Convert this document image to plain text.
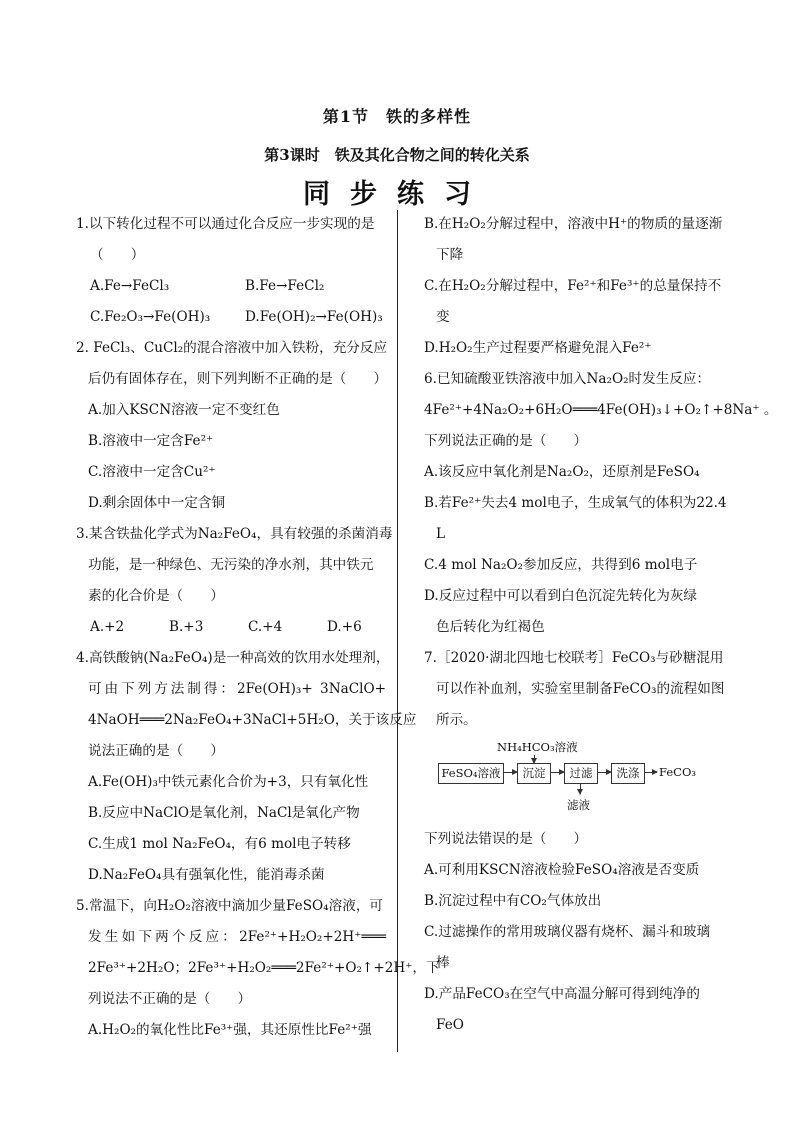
第1节　铁的多样性
第3课时　铁及其化合物之间的转化关系
同步练习
1.以下转化过程不可以通过化合反应一步实现的是
（　　）
A.Fe→FeCl₃	B.Fe→FeCl₂
C.Fe₂O₃→Fe(OH)₃	D.Fe(OH)₂→Fe(OH)₃
2. FeCl₃、CuCl₂的混合溶液中加入铁粉，充分反应
后仍有固体存在，则下列判断不正确的是（　　）
A.加入KSCN溶液一定不变红色
B.溶液中一定含Fe²⁺
C.溶液中一定含Cu²⁺
D.剩余固体中一定含铜
3.某含铁盐化学式为Na₂FeO₄，具有较强的杀菌消毒
功能，是一种绿色、无污染的净水剂，其中铁元
素的化合价是（　　）
A.+2	B.+3	C.+4	D.+6
4.高铁酸钠(Na₂FeO₄)是一种高效的饮用水处理剂，
可由下列方法制得：2Fe(OH)₃+ 3NaClO+
4NaOH═══2Na₂FeO₄+3NaCl+5H₂O，关于该反应
说法正确的是（　　）
A.Fe(OH)₃中铁元素化合价为+3，只有氧化性
B.反应中NaClO是氧化剂，NaCl是氧化产物
C.生成1 mol Na₂FeO₄，有6 mol电子转移
D.Na₂FeO₄具有强氧化性，能消毒杀菌
5.常温下，向H₂O₂溶液中滴加少量FeSO₄溶液，可
发生如下两个反应：2Fe²⁺+H₂O₂+2H⁺═══
2Fe³⁺+2H₂O；2Fe³⁺+H₂O₂═══2Fe²⁺+O₂↑+2H⁺，下
列说法不正确的是（　　）
A.H₂O₂的氧化性比Fe³⁺强，其还原性比Fe²⁺强
B.在H₂O₂分解过程中，溶液中H⁺的物质的量逐渐
下降
C.在H₂O₂分解过程中，Fe²⁺和Fe³⁺的总量保持不
变
D.H₂O₂生产过程要严格避免混入Fe²⁺
6.已知硫酸亚铁溶液中加入Na₂O₂时发生反应：
4Fe²⁺+4Na₂O₂+6H₂O═══4Fe(OH)₃↓+O₂↑+8Na⁺ 。
下列说法正确的是（　　）
A.该反应中氧化剂是Na₂O₂，还原剂是FeSO₄
B.若Fe²⁺失去4 mol电子，生成氧气的体积为22.4
L
C.4 mol Na₂O₂参加反应，共得到6 mol电子
D.反应过程中可以看到白色沉淀先转化为灰绿
色后转化为红褐色
7.［2020·湖北四地七校联考］FeCO₃与砂糖混用
可以作补血剂，实验室里制备FeCO₃的流程如图
所示。
NH₄HCO₃溶液
FeSO₄溶液	沉淀	过滤	洗涤	FeCO₃
滤液
下列说法错误的是（　　）
A.可利用KSCN溶液检验FeSO₄溶液是否变质
B.沉淀过程中有CO₂气体放出
C.过滤操作的常用玻璃仪器有烧杯、漏斗和玻璃
棒
D.产品FeCO₃在空气中高温分解可得到纯净的
FeO
